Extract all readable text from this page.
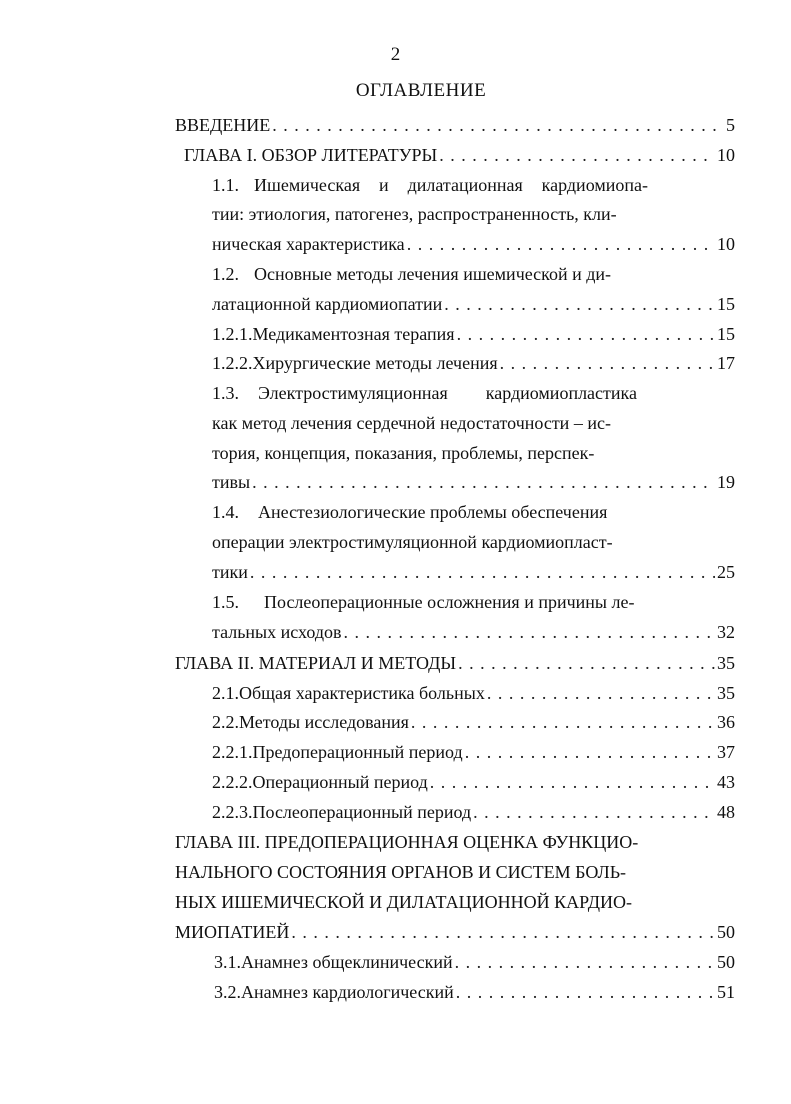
2
ОГЛАВЛЕНИЕ
ВВЕДЕНИЕ . . .	5
ГЛАВА I. ОБЗОР ЛИТЕРАТУРЫ . . .	10
1.1. Ишемическая и дилатационная кардиомиопа-
тии: этиология, патогенез, распространенность, кли-
ническая характеристика . . .	10
1.2. Основные методы лечения ишемической и ди-
латационной кардиомиопатии . . .	15
1.2.1. Медикаментозная терапия . . .	15
1.2.2. Хирургические методы лечения . . .	17
1.3. Электростимуляционная кардиомиопластика
как метод лечения сердечной недостаточности – ис-
тория, концепция, показания, проблемы, перспек-
тивы . . .	19
1.4. Анестезиологические проблемы обеспечения
операции электростимуляционной кардиомиопласт-
тики . . .	25
1.5. Послеоперационные осложнения и причины ле-
тальных исходов . . .	32
ГЛАВА II. МАТЕРИАЛ И МЕТОДЫ . . .	35
2.1. Общая характеристика больных . . .	35
2.2. Методы исследования . . .	36
2.2.1. Предоперационный период . . .	37
2.2.2. Операционный период . . .	43
2.2.3. Послеоперационный период . . .	48
ГЛАВА III. ПРЕДОПЕРАЦИОННАЯ ОЦЕНКА ФУНКЦИО-
НАЛЬНОГО СОСТОЯНИЯ ОРГАНОВ И СИСТЕМ БОЛЬ-
НЫХ ИШЕМИЧЕСКОЙ И ДИЛАТАЦИОННОЙ КАРДИО-
МИОПАТИЕЙ . . .	50
3.1. Анамнез общеклинический . . .	50
3.2. Анамнез кардиологический . . .	51
